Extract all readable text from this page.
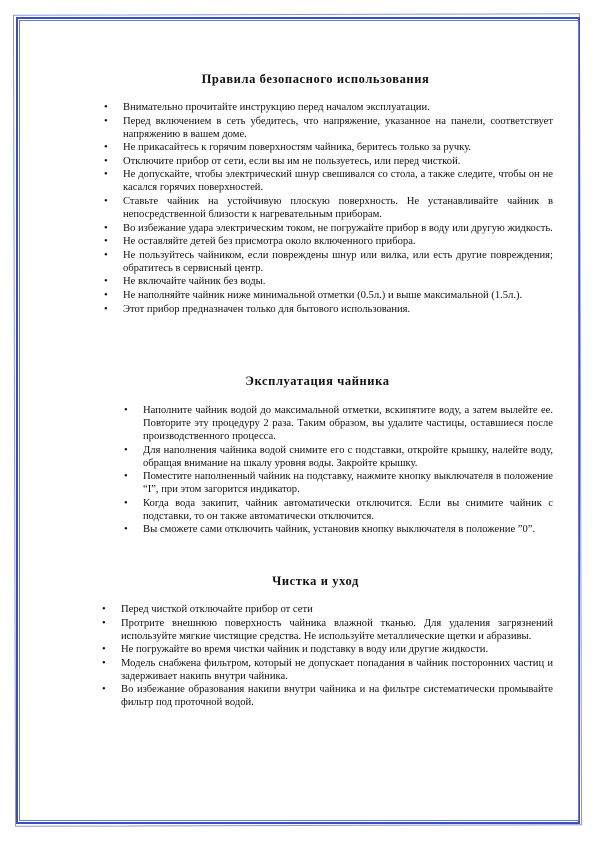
Правила безопасного использования
• Внимательно прочитайте инструкцию перед началом эксплуатации.
• Перед включением в сеть убедитесь, что напряжение, указанное на панели, соответствует напряжению в вашем доме.
• Не прикасайтесь к горячим поверхностям чайника, беритесь только за ручку.
• Отключите прибор от сети, если вы им не пользуетесь, или перед чисткой.
• Не допускайте, чтобы электрический шнур свешивался со стола, а также следите, чтобы он не касался горячих поверхностей.
• Ставьте чайник на устойчивую плоскую поверхность. Не устанавливайте чайник в непосредственной близости к нагревательным приборам.
• Во избежание удара электрическим током, не погружайте прибор в воду или другую жидкость.
• Не оставляйте детей без присмотра около включенного прибора.
• Не пользуйтесь чайником, если повреждены шнур или вилка, или есть другие повреждения; обратитесь в сервисный центр.
• Не включайте чайник без воды.
• Не наполняйте чайник ниже минимальной отметки (0.5л.) и выше максимальной (1.5л.).
• Этот прибор предназначен только для бытового использования.
Эксплуатация чайника
• Наполните чайник водой до максимальной отметки, вскипятите воду, а затем вылейте ее. Повторите эту процедуру 2 раза. Таким образом, вы удалите частицы, оставшиеся после производственного процесса.
• Для наполнения чайника водой снимите его с подставки, откройте крышку, налейте воду, обращая внимание на шкалу уровня воды. Закройте крышку.
• Поместите наполненный чайник на подставку, нажмите кнопку выключателя в положение “I”, при этом загорится индикатор.
• Когда вода закипит, чайник автоматически отключится. Если вы снимите чайник с подставки, то он также автоматически отключится.
• Вы сможете сами отключить чайник, установив кнопку выключателя в положение ”0”.
Чистка и уход
• Перед чисткой отключайте прибор от сети
• Протрите внешнюю поверхность чайника влажной тканью. Для удаления загрязнений используйте мягкие чистящие средства. Не используйте металлические щетки и абразивы.
• Не погружайте во время чистки чайник и подставку в воду или другие жидкости.
• Модель снабжена фильтром, который не допускает попадания в чайник посторонних частиц и задерживает накипь внутри чайника.
• Во избежание образования накипи внутри чайника и на фильтре систематически промывайте фильтр под проточной водой.
